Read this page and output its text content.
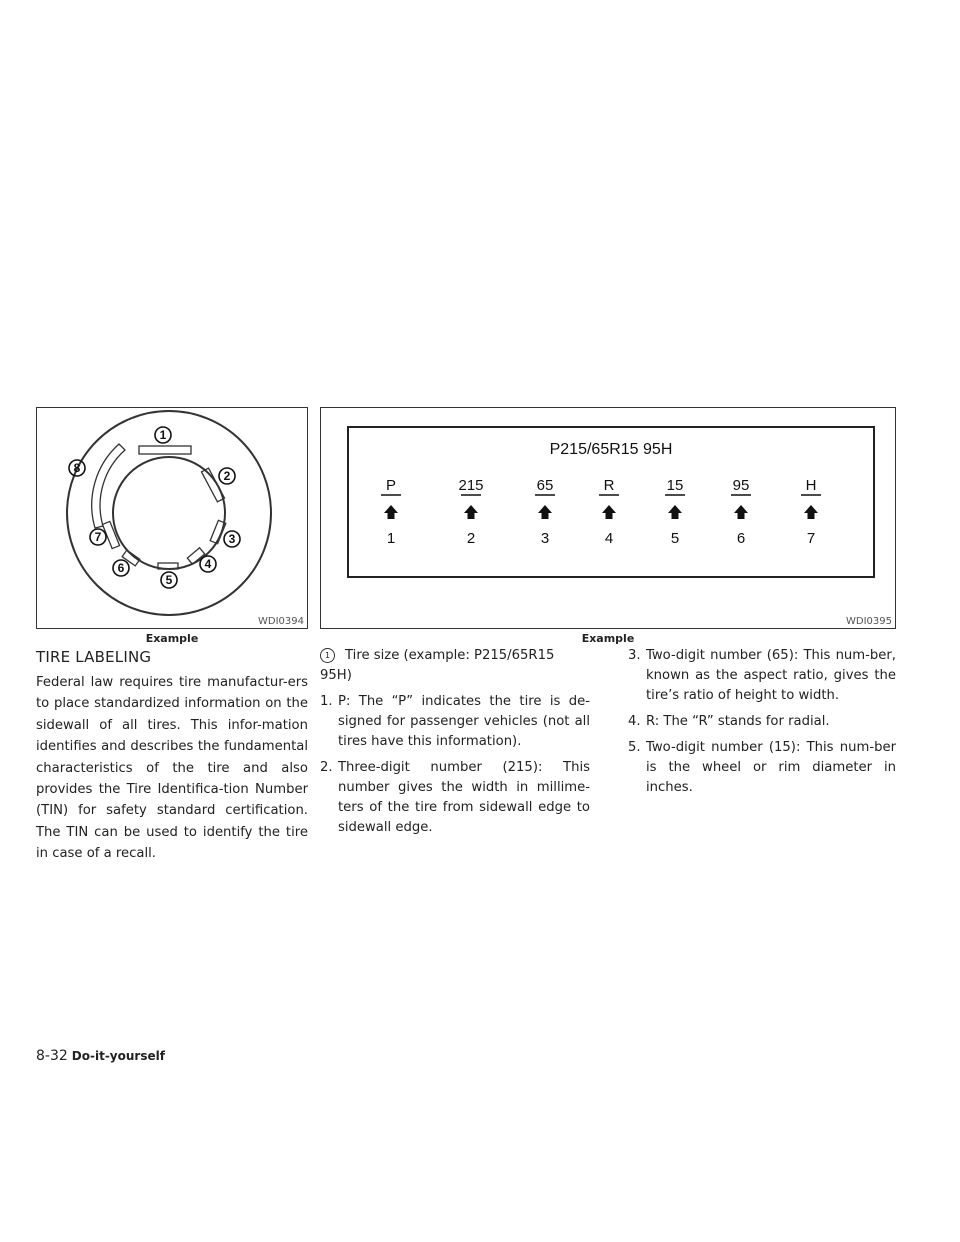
1
2
3
4
5
6
7
8
WDI0394
Example
P215/65R15 95H
P
1
215
2
65
3
R
4
15
5
95
6
H
7
WDI0395
Example
TIRE LABELING

Federal law requires tire manufactur-ers to place standardized information on the sidewall of all tires. This infor-mation identifies and describes the fundamental characteristics of the tire and also provides the Tire Identifica-tion Number (TIN) for safety standard certification. The TIN can be used to identify the tire in case of a recall.

1 Tire size (example: P215/65R15 95H)

1. P: The “P” indicates the tire is de-signed for passenger vehicles (not all tires have this information).
2. Three-digit number (215): This number gives the width in millime-ters of the tire from sidewall edge to sidewall edge.
3. Two-digit number (65): This num-ber, known as the aspect ratio, gives the tire’s ratio of height to width.
4. R: The “R” stands for radial.
5. Two-digit number (15): This num-ber is the wheel or rim diameter in inches.
8-32 Do-it-yourself
